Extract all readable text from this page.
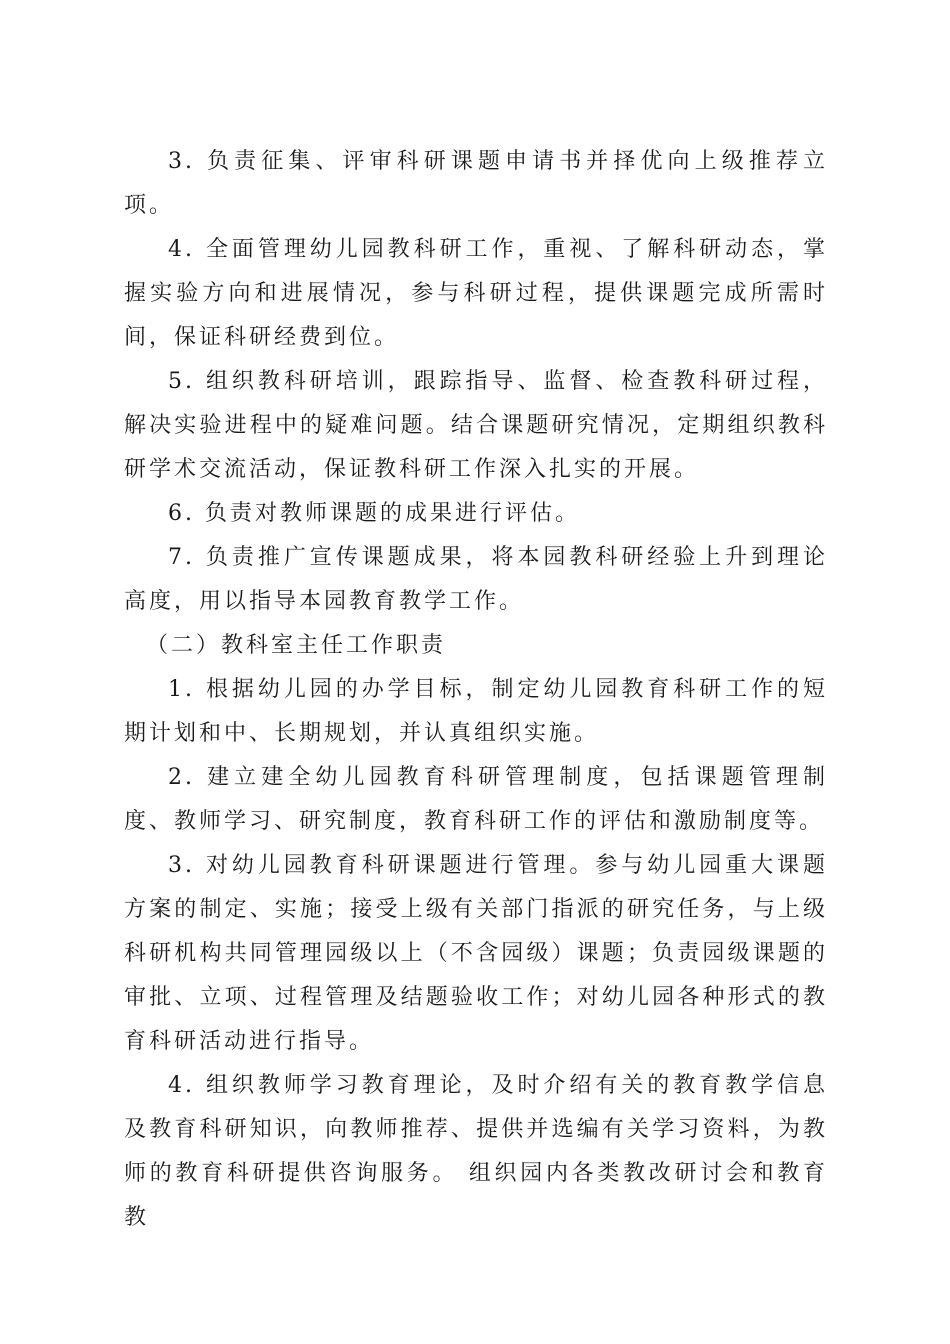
3. 负责征集、评审科研课题申请书并择优向上级推荐立项。

4. 全面管理幼儿园教科研工作，重视、了解科研动态，掌握实验方向和进展情况，参与科研过程，提供课题完成所需时间，保证科研经费到位。

5. 组织教科研培训，跟踪指导、监督、检查教科研过程，解决实验进程中的疑难问题。结合课题研究情况，定期组织教科研学术交流活动，保证教科研工作深入扎实的开展。

6. 负责对教师课题的成果进行评估。

7. 负责推广宣传课题成果，将本园教科研经验上升到理论高度，用以指导本园教育教学工作。

（二）教科室主任工作职责

1. 根据幼儿园的办学目标，制定幼儿园教育科研工作的短期计划和中、长期规划，并认真组织实施。

2. 建立建全幼儿园教育科研管理制度，包括课题管理制度、教师学习、研究制度，教育科研工作的评估和激励制度等。

3. 对幼儿园教育科研课题进行管理。参与幼儿园重大课题方案的制定、实施；接受上级有关部门指派的研究任务，与上级科研机构共同管理园级以上（不含园级）课题；负责园级课题的审批、立项、过程管理及结题验收工作；对幼儿园各种形式的教育科研活动进行指导。

4. 组织教师学习教育理论，及时介绍有关的教育教学信息及教育科研知识，向教师推荐、提供并选编有关学习资料，为教师的教育科研提供咨询服务。 组织园内各类教改研讨会和教育教
